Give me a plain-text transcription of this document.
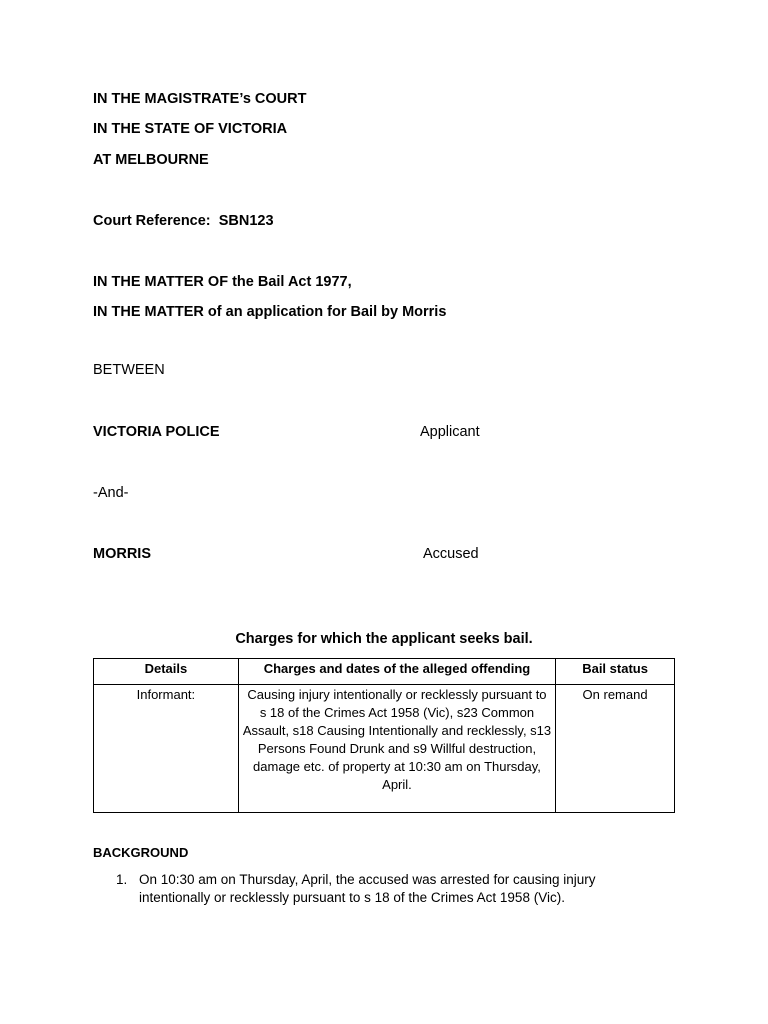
IN THE MAGISTRATE’s COURT
IN THE STATE OF VICTORIA
AT MELBOURNE
Court Reference: SBN123
IN THE MATTER OF the Bail Act 1977,
IN THE MATTER of an application for Bail by Morris
BETWEEN
VICTORIA POLICE	Applicant
-And-
MORRIS	Accused
Charges for which the applicant seeks bail.
Details	Charges and dates of the alleged offending	Bail status
Informant:	Causing injury intentionally or recklessly pursuant to s 18 of the Crimes Act 1958 (Vic), s23 Common Assault, s18 Causing Intentionally and recklessly, s13 Persons Found Drunk and s9 Willful destruction, damage etc. of property at 10:30 am on Thursday, April.	On remand
BACKGROUND
1. On 10:30 am on Thursday, April, the accused was arrested for causing injury intentionally or recklessly pursuant to s 18 of the Crimes Act 1958 (Vic).
